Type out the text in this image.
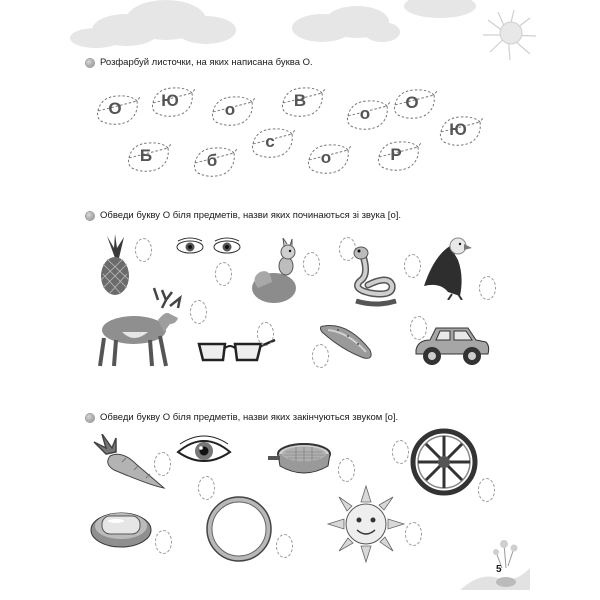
Розфарбуй листочки, на яких написана буква О.
О	Ю	о	В
о
О
Ю
Б	б
с
о	Р
Обведи букву О біля предметів, назви яких починаються зі звука [о].
Обведи букву О біля предметів, назви яких закінчуються звуком [о].
5
